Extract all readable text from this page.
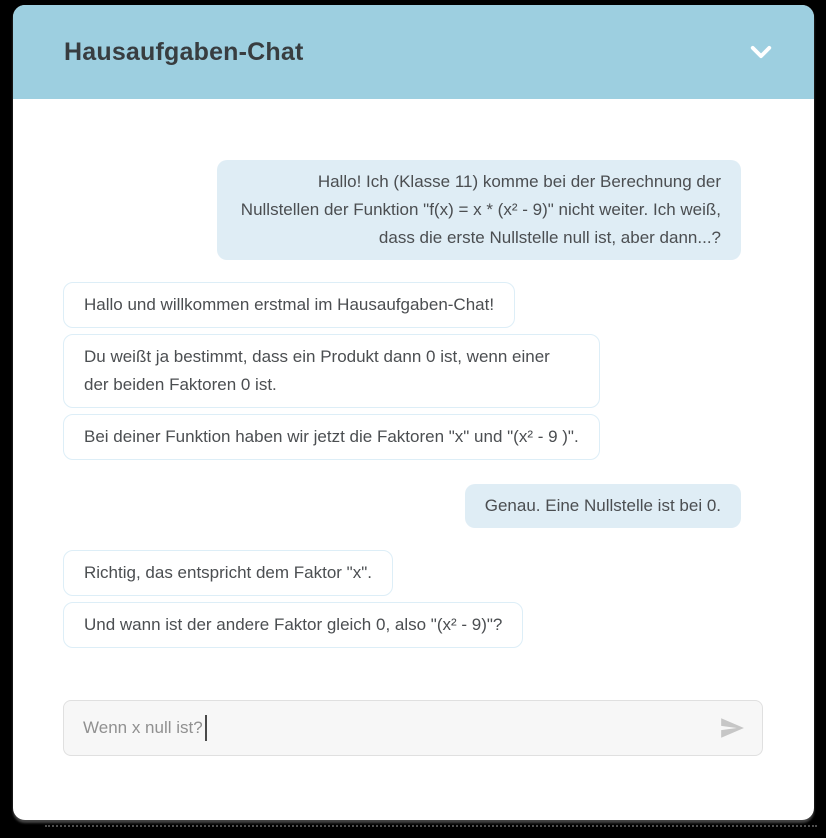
Hausaufgaben-Chat
Hallo! Ich (Klasse 11) komme bei der Berechnung der Nullstellen der Funktion "f(x) = x * (x² - 9)" nicht weiter. Ich weiß, dass die erste Nullstelle null ist, aber dann...?
Hallo und willkommen erstmal im Hausaufgaben-Chat!
Du weißt ja bestimmt, dass ein Produkt dann 0 ist, wenn einer der beiden Faktoren 0 ist.
Bei deiner Funktion haben wir jetzt die Faktoren "x" und "(x² - 9 )".
Genau. Eine Nullstelle ist bei 0.
Richtig, das entspricht dem Faktor "x".
Und wann ist der andere Faktor gleich 0, also "(x² - 9)"?
Wenn x null ist?
